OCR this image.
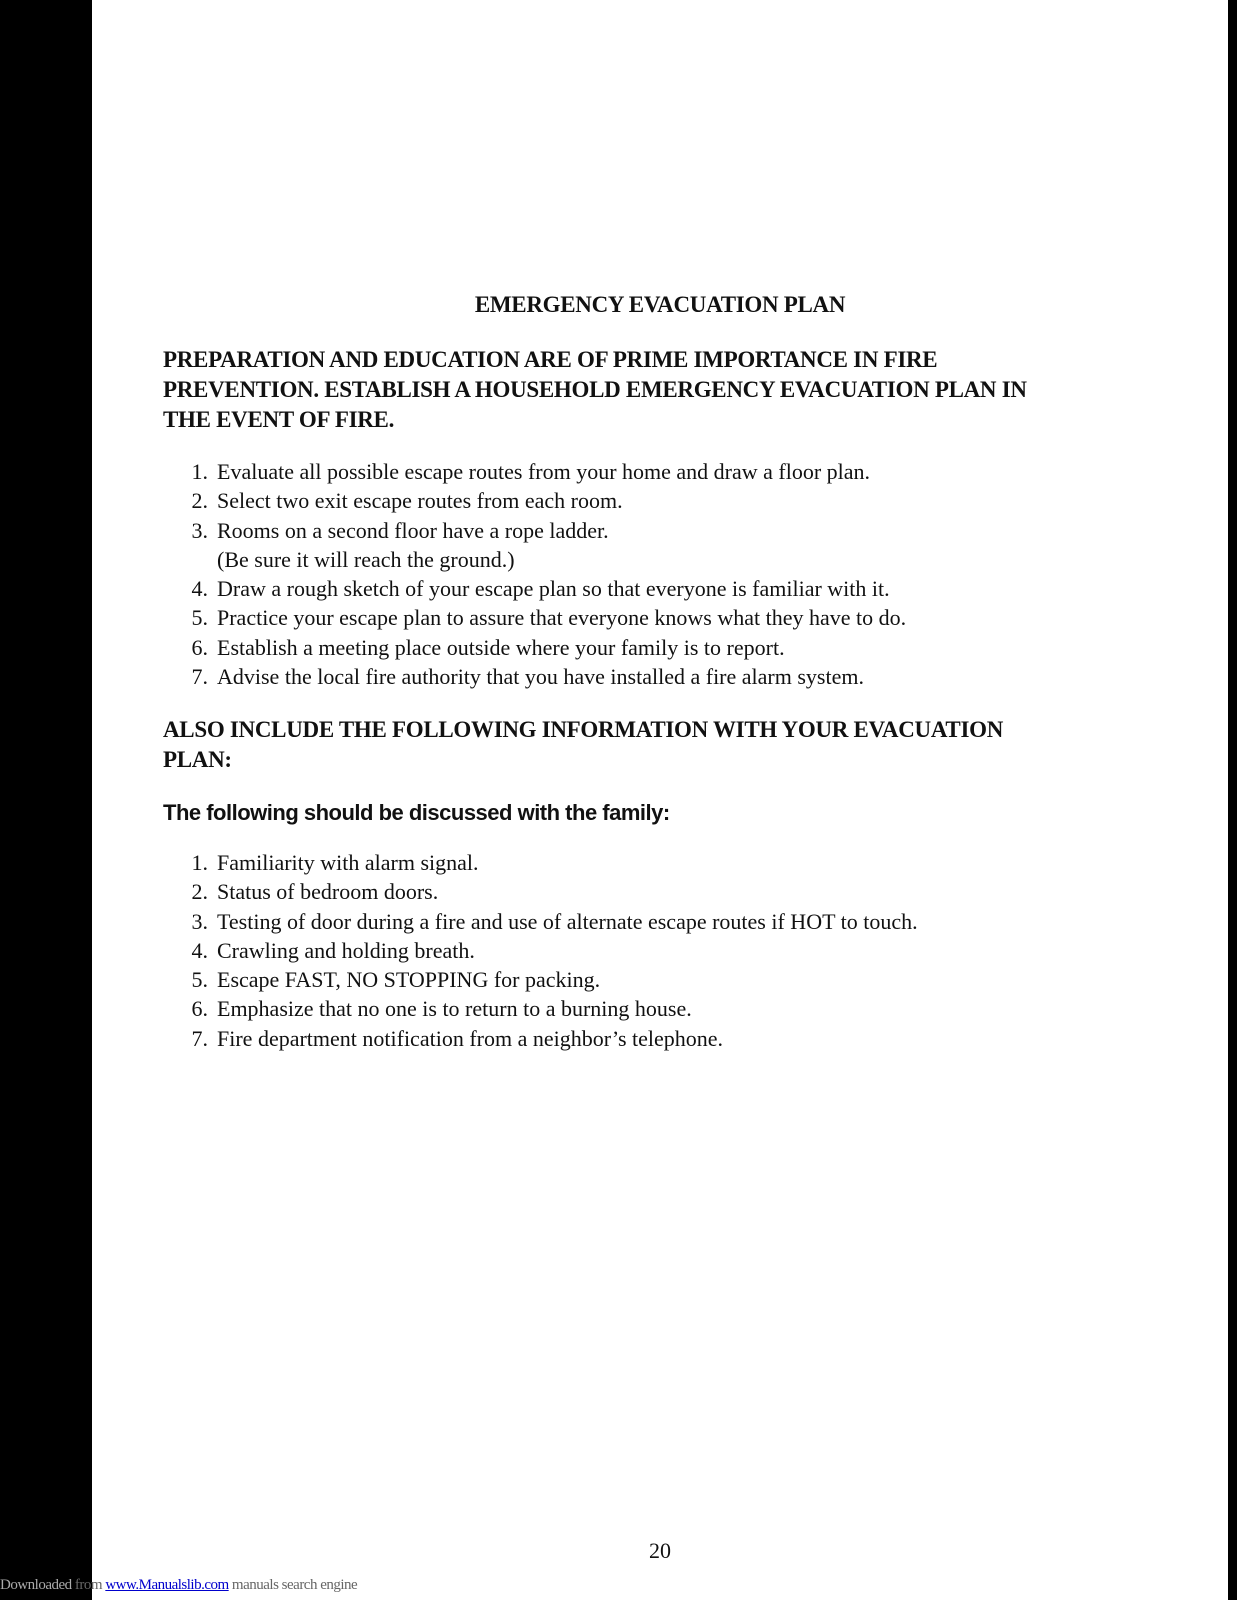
EMERGENCY EVACUATION PLAN
PREPARATION AND EDUCATION ARE OF PRIME IMPORTANCE IN FIRE PREVENTION. ESTABLISH A HOUSEHOLD EMERGENCY EVACUATION PLAN IN THE EVENT OF FIRE.
1. Evaluate all possible escape routes from your home and draw a floor plan.
2. Select two exit escape routes from each room.
3. Rooms on a second floor have a rope ladder.
(Be sure it will reach the ground.)
4. Draw a rough sketch of your escape plan so that everyone is familiar with it.
5. Practice your escape plan to assure that everyone knows what they have to do.
6. Establish a meeting place outside where your family is to report.
7. Advise the local fire authority that you have installed a fire alarm system.
ALSO INCLUDE THE FOLLOWING INFORMATION WITH YOUR EVACUATION PLAN:
The following should be discussed with the family:
1. Familiarity with alarm signal.
2. Status of bedroom doors.
3. Testing of door during a fire and use of alternate escape routes if HOT to touch.
4. Crawling and holding breath.
5. Escape FAST, NO STOPPING for packing.
6. Emphasize that no one is to return to a burning house.
7. Fire department notification from a neighbor’s telephone.
20
Downloaded from www.Manualslib.com manuals search engine
